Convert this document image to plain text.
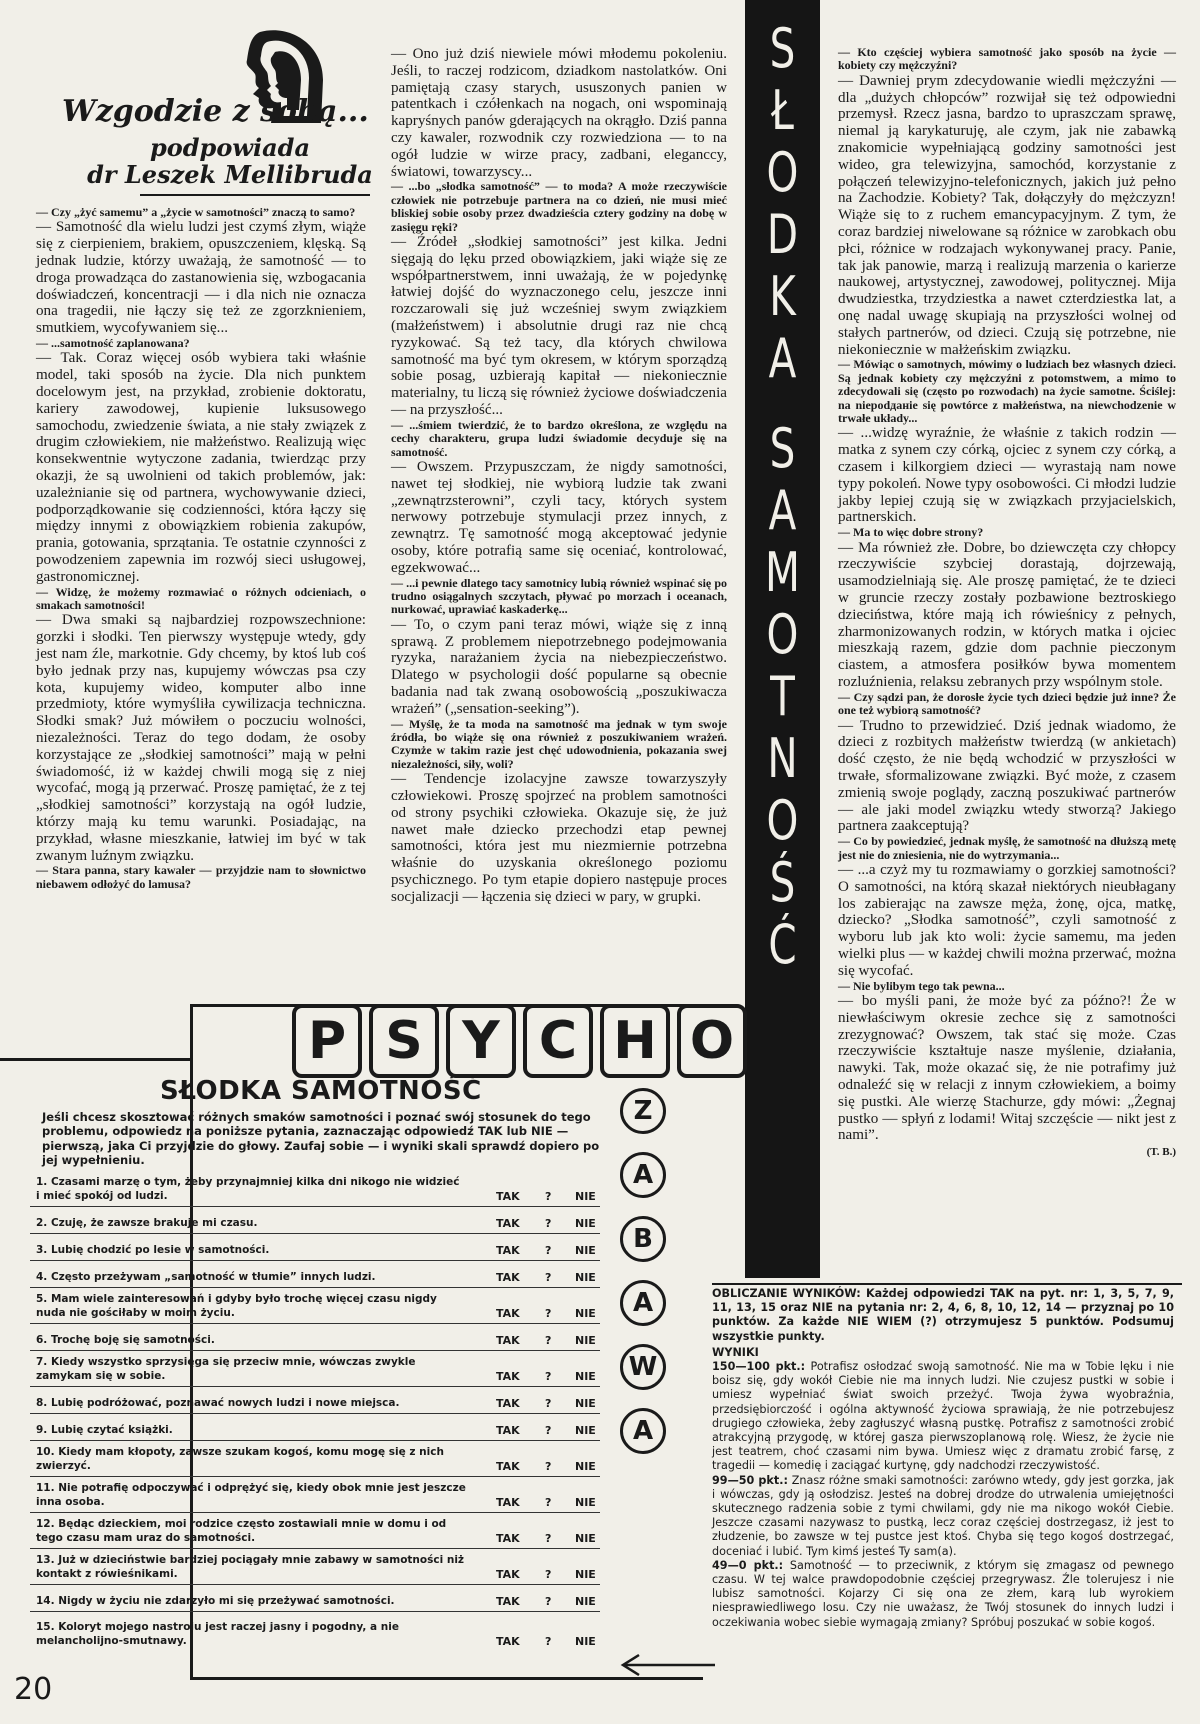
Wzgodzie z sobą...
podpowiada
dr Leszek Mellibruda

— Czy „żyć samemu” a „życie w samotności” znaczą to samo?

— Samotność dla wielu ludzi jest czymś złym, wiąże się z cierpieniem, brakiem, opuszczeniem, klęską. Są jednak ludzie, którzy uważają, że samotność — to droga prowadząca do zastanowienia się, wzbogacania doświadczeń, koncentracji — i dla nich nie oznacza ona tragedii, nie łączy się też ze zgorzknieniem, smutkiem, wycofywaniem się...

— ...samotność zaplanowana?

— Tak. Coraz więcej osób wybiera taki właśnie model, taki sposób na życie. Dla nich punktem docelowym jest, na przykład, zrobienie doktoratu, kariery zawodowej, kupienie luksusowego samochodu, zwiedzenie świata, a nie stały związek z drugim człowiekiem, nie małżeństwo. Realizują więc konsekwentnie wytyczone zadania, twierdząc przy okazji, że są uwolnieni od takich problemów, jak: uzależnianie się od partnera, wychowywanie dzieci, podporządkowanie się codzienności, która łączy się między innymi z obowiązkiem robienia zakupów, prania, gotowania, sprzątania. Te ostatnie czynności z powodzeniem zapewnia im rozwój sieci usługowej, gastronomicznej.

— Widzę, że możemy rozmawiać o różnych odcieniach, o smakach samotności!

— Dwa smaki są najbardziej rozpowszechnione: gorzki i słodki. Ten pierwszy występuje wtedy, gdy jest nam źle, markotnie. Gdy chcemy, by ktoś lub coś było jednak przy nas, kupujemy wówczas psa czy kota, kupujemy wideo, komputer albo inne przedmioty, które wymyśliła cywilizacja techniczna. Słodki smak? Już mówiłem o poczuciu wolności, niezależności. Teraz do tego dodam, że osoby korzystające ze „słodkiej samotności” mają w pełni świadomość, iż w każdej chwili mogą się z niej wycofać, mogą ją przerwać. Proszę pamiętać, że z tej „słodkiej samotności” korzystają na ogół ludzie, którzy mają ku temu warunki. Posiadając, na przykład, własne mieszkanie, łatwiej im być w tak zwanym luźnym związku.

— Stara panna, stary kawaler — przyjdzie nam to słownictwo niebawem odłożyć do lamusa?

— Ono już dziś niewiele mówi młodemu pokoleniu. Jeśli, to raczej rodzicom, dziadkom nastolatków. Oni pamiętają czasy starych, ususzonych panien w patentkach i czółenkach na nogach, oni wspominają kapryśnych panów gderających na okrągło. Dziś panna czy kawaler, rozwodnik czy rozwiedziona — to na ogół ludzie w wirze pracy, zadbani, eleganccy, światowi, towarzyscy...

— ...bo „słodka samotność” — to moda? A może rzeczywiście człowiek nie potrzebuje partnera na co dzień, nie musi mieć bliskiej sobie osoby przez dwadzieścia cztery godziny na dobę w zasięgu ręki?

— Źródeł „słodkiej samotności” jest kilka. Jedni sięgają do lęku przed obowiązkiem, jaki wiąże się ze współpartnerstwem, inni uważają, że w pojedynkę łatwiej dojść do wyznaczonego celu, jeszcze inni rozczarowali się już wcześniej swym związkiem (małżeństwem) i absolutnie drugi raz nie chcą ryzykować. Są też tacy, dla których chwilowa samotność ma być tym okresem, w którym sporządzą sobie posag, uzbierają kapitał — niekoniecznie materialny, tu liczą się również życiowe doświadczenia — na przyszłość...

— ...śmiem twierdzić, że to bardzo określona, ze względu na cechy charakteru, grupa ludzi świadomie decyduje się na samotność.

— Owszem. Przypuszczam, że nigdy samotności, nawet tej słodkiej, nie wybiorą ludzie tak zwani „zewnątrzsterowni”, czyli tacy, których system nerwowy potrzebuje stymulacji przez innych, z zewnątrz. Tę samotność mogą akceptować jedynie osoby, które potrafią same się oceniać, kontrolować, egzekwować...

— ...i pewnie dlatego tacy samotnicy lubią również wspinać się po trudno osiągalnych szczytach, pływać po morzach i oceanach, nurkować, uprawiać kaskaderkę...

— To, o czym pani teraz mówi, wiąże się z inną sprawą. Z problemem niepotrzebnego podejmowania ryzyka, narażaniem życia na niebezpieczeństwo. Dlatego w psychologii dość popularne są obecnie badania nad tak zwaną osobowością „poszukiwacza wrażeń” („sensation-seeking”).

— Myślę, że ta moda na samotność ma jednak w tym swoje źródła, bo wiąże się ona również z poszukiwaniem wrażeń. Czymże w takim razie jest chęć udowodnienia, pokazania swej niezależności, siły, woli?

— Tendencje izolacyjne zawsze towarzyszyły człowiekowi. Proszę spojrzeć na problem samotności od strony psychiki człowieka. Okazuje się, że już nawet małe dziecko przechodzi etap pewnej samotności, która jest mu niezmiernie potrzebna właśnie do uzyskania określonego poziomu psychicznego. Po tym etapie dopiero następuje proces socjalizacji — łączenia się dzieci w pary, w grupki.

S
Ł
O
D
K
A
S
A
M
O
T
N
O
Ś
Ć

— Kto częściej wybiera samotność jako sposób na życie — kobiety czy mężczyźni?

— Dawniej prym zdecydowanie wiedli mężczyźni — dla „dużych chłopców” rozwijał się też odpowiedni przemysł. Rzecz jasna, bardzo to upraszczam sprawę, niemal ją karykaturuję, ale czym, jak nie zabawką znakomicie wypełniającą godziny samotności jest wideo, gra telewizyjna, samochód, korzystanie z połączeń telewizyjno-telefonicznych, jakich już pełno na Zachodzie. Kobiety? Tak, dołączyły do mężczyzn! Wiąże się to z ruchem emancypacyjnym. Z tym, że coraz bardziej niwelowane są różnice w zarobkach obu płci, różnice w rodzajach wykonywanej pracy. Panie, tak jak panowie, marzą i realizują marzenia o karierze naukowej, artystycznej, zawodowej, politycznej. Mija dwudziestka, trzydziestka a nawet czterdziestka lat, a onę nadal uwagę skupiają na przyszłości wolnej od stałych partnerów, od dzieci. Czują się potrzebne, nie niekoniecznie w małżeńskim związku.

— Mówiąc o samotnych, mówimy o ludziach bez własnych dzieci. Są jednak kobiety czy mężczyźni z potomstwem, a mimo to zdecydowali się (często po rozwodach) na życie samotne. Ściślej: na niepodданie się powtórce z małżeństwa, na niewchodzenie w trwałe układy...

— ...widzę wyraźnie, że właśnie z takich rodzin — matka z synem czy córką, ojciec z synem czy córką, a czasem i kilkorgiem dzieci — wyrastają nam nowe typy pokoleń. Nowe typy osobowości. Ci młodzi ludzie jakby lepiej czują się w związkach przyjacielskich, partnerskich.

— Ma to więc dobre strony?

— Ma również złe. Dobre, bo dziewczęta czy chłopcy rzeczywiście szybciej dorastają, dojrzewają, usamodzielniają się. Ale proszę pamiętać, że te dzieci w gruncie rzeczy zostały pozbawione beztroskiego dzieciństwa, które mają ich rówieśnicy z pełnych, zharmonizowanych rodzin, w których matka i ojciec mieszkają razem, gdzie dom pachnie pieczonym ciastem, a atmosfera posiłków bywa momentem rozluźnienia, relaksu zebranych przy wspólnym stole.

— Czy sądzi pan, że dorosłe życie tych dzieci będzie już inne? Że one też wybiorą samotność?

— Trudno to przewidzieć. Dziś jednak wiadomo, że dzieci z rozbitych małżeństw twierdzą (w ankietach) dość często, że nie będą wchodzić w przyszłości w trwałe, sformalizowane związki. Być może, z czasem zmienią swoje poglądy, zaczną poszukiwać partnerów — ale jaki model związku wtedy stworzą? Jakiego partnera zaakceptują?

— Co by powiedzieć, jednak myślę, że samotność na dłuższą metę jest nie do zniesienia, nie do wytrzymania...

— ...a czyż my tu rozmawiamy o gorzkiej samotności? O samotności, na którą skazał niektórych nieubłagany los zabierając na zawsze męża, żonę, ojca, matkę, dziecko? „Słodka samotność”, czyli samotność z wyboru lub jak kto woli: życie samemu, ma jeden wielki plus — w każdej chwili można przerwać, można się wycofać.

— Nie bylibym tego tak pewna...

— bo myśli pani, że może być za późno?! Że w niewłaściwym okresie zechce się z samotności zrezygnować? Owszem, tak stać się może. Czas rzeczywiście kształtuje nasze myślenie, działania, nawyki. Tak, może okazać się, że nie potrafimy już odnaleźć się w relacji z innym człowiekiem, a boimy się pustki. Ale wierzę Stachurze, gdy mówi: „Żegnaj pustko — spłyń z lodami! Witaj szczęście — nikt jest z nami”.

(T. B.)

P S Y C H O
Z
A
B
A
W
A
SŁODKA SAMOTNOŚĆ
Jeśli chcesz skosztować różnych smaków samotności i poznać swój stosunek do tego problemu, odpowiedz na poniższe pytania, zaznaczając odpowiedź TAK lub NIE — pierwszą, jaka Ci przyjdzie do głowy. Zaufaj sobie — i wyniki skali sprawdź dopiero po jej wypełnieniu.
1. Czasami marzę o tym, żeby przynajmniej kilka dni nikogo nie widzieć i mieć spokój od ludzi.	TAK ? NIE
2. Czuję, że zawsze brakuje mi czasu.	TAK ? NIE
3. Lubię chodzić po lesie w samotności.	TAK ? NIE
4. Często przeżywam „samotność w tłumie” innych ludzi.	TAK ? NIE
5. Mam wiele zainteresowań i gdyby było trochę więcej czasu nigdy nuda nie gościłaby w moim życiu.	TAK ? NIE
6. Trochę boję się samotności.	TAK ? NIE
7. Kiedy wszystko sprzysięga się przeciw mnie, wówczas zwykle zamykam się w sobie.	TAK ? NIE
8. Lubię podróżować, poznawać nowych ludzi i nowe miejsca.	TAK ? NIE
9. Lubię czytać książki.	TAK ? NIE
10. Kiedy mam kłopoty, zawsze szukam kogoś, komu mogę się z nich zwierzyć.	TAK ? NIE
11. Nie potrafię odpoczywać i odprężyć się, kiedy obok mnie jest jeszcze inna osoba.	TAK ? NIE
12. Będąc dzieckiem, moi rodzice często zostawiali mnie w domu i od tego czasu mam uraz do samotności.	TAK ? NIE
13. Już w dzieciństwie bardziej pociągały mnie zabawy w samotności niż kontakt z rówieśnikami.	TAK ? NIE
14. Nigdy w życiu nie zdarzyło mi się przeżywać samotności.	TAK ? NIE
15. Koloryt mojego nastroju jest raczej jasny i pogodny, a nie melancholijno-smutnawy.	TAK ? NIE

OBLICZANIE WYNIKÓW: Każdej odpowiedzi TAK na pyt. nr: 1, 3, 5, 7, 9, 11, 13, 15 oraz NIE na pytania nr: 2, 4, 6, 8, 10, 12, 14 — przyznaj po 10 punktów. Za każde NIE WIEM (?) otrzymujesz 5 punktów. Podsumuj wszystkie punkty.

WYNIKI

150—100 pkt.: Potrafisz osłodzać swoją samotność. Nie ma w Tobie lęku i nie boisz się, gdy wokół Ciebie nie ma innych ludzi. Nie czujesz pustki w sobie i umiesz wypełniać świat swoich przeżyć. Twoja żywa wyobraźnia, przedsiębiorczość i ogólna aktywność życiowa sprawiają, że nie potrzebujesz drugiego człowieka, żeby zagłuszyć własną pustkę. Potrafisz z samotności zrobić atrakcyjną przygodę, w której gasza pierwszoplanową rolę. Wiesz, że życie nie jest teatrem, choć czasami nim bywa. Umiesz więc z dramatu zrobić farsę, z tragedii — komedię i zaciągać kurtynę, gdy nadchodzi rzeczywistość.

99—50 pkt.: Znasz różne smaki samotności: zarówno wtedy, gdy jest gorzka, jak i wówczas, gdy ją osłodzisz. Jesteś na dobrej drodze do utrwalenia umiejętności skutecznego radzenia sobie z tymi chwilami, gdy nie ma nikogo wokół Ciebie. Jeszcze czasami nazywasz to pustką, lecz coraz częściej dostrzegasz, iż jest to złudzenie, bo zawsze w tej pustce jest ktoś. Chyba się tego kogoś dostrzegać, doceniać i lubić. Tym kimś jesteś Ty sam(a).

49—0 pkt.: Samotność — to przeciwnik, z którym się zmagasz od pewnego czasu. W tej walce prawdopodobnie częściej przegrywasz. Źle tolerujesz i nie lubisz samotności. Kojarzy Ci się ona ze złem, karą lub wyrokiem niesprawiedliwego losu. Czy nie uważasz, że Twój stosunek do innych ludzi i oczekiwania wobec siebie wymagają zmiany? Spróbuj poszukać w sobie kogoś.

20
